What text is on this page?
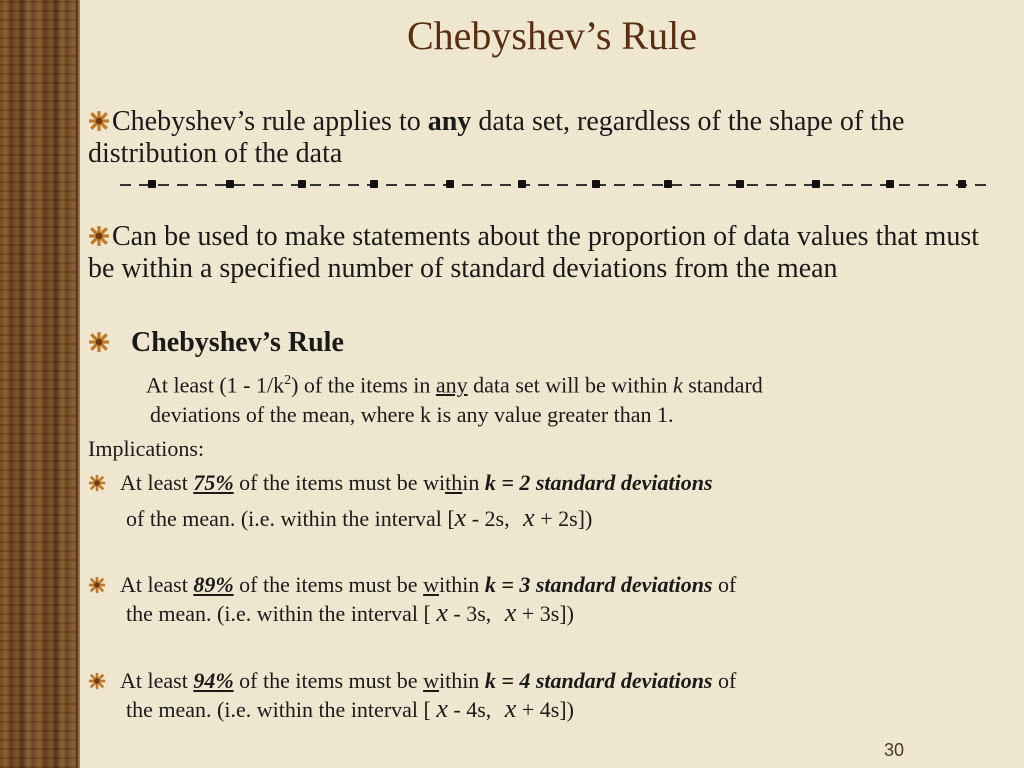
Chebyshev’s Rule
Chebyshev’s rule applies to any data set, regardless of the shape of the distribution of the data
Can be used to make statements about the proportion of data values that must be within a specified number of standard deviations from the mean
Chebyshev’s Rule
At least $(1 - 1/k^2)$ of the items in any data set will be within k standard
deviations of the mean, where k is any value greater than 1.
Implications:
At least 75% of the items must be within k = 2 standard deviations
of the mean. (i.e. within the interval [x - 2s, x + 2s])
At least 89% of the items must be within k = 3 standard deviations of
the mean. (i.e. within the interval [ x - 3s, x + 3s])
At least 94% of the items must be within k = 4 standard deviations of
the mean. (i.e. within the interval [ x - 4s, x + 4s])
30
